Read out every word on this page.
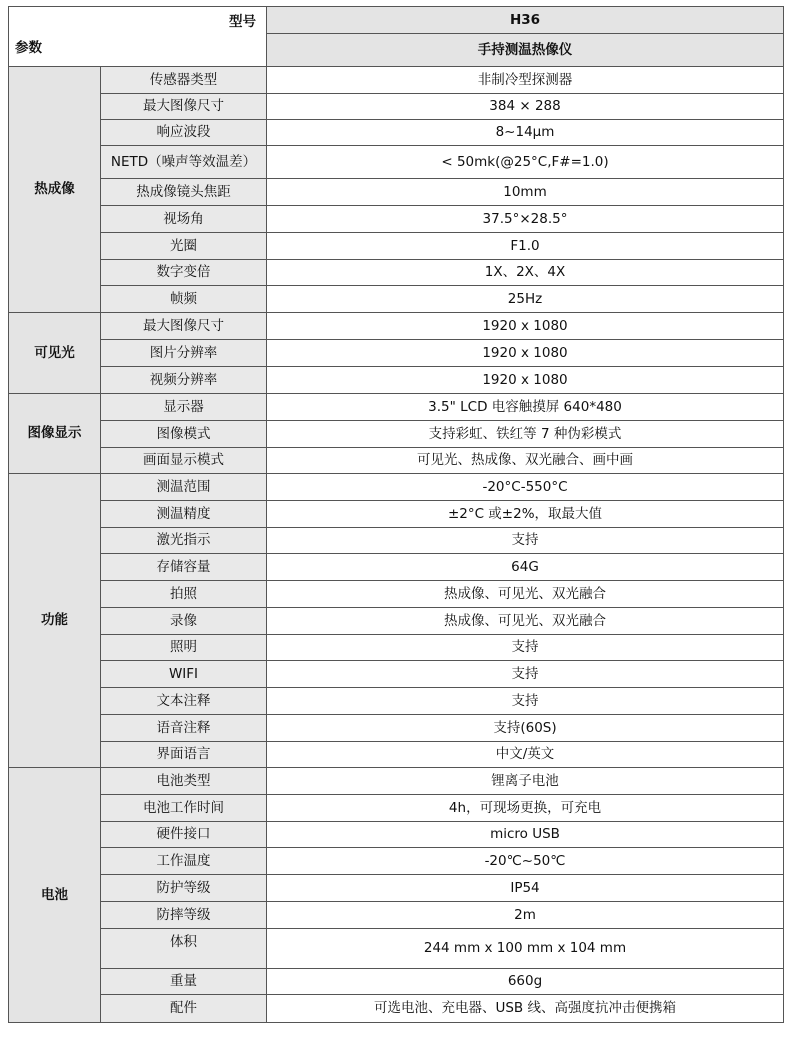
型号
参数		H36
		手持测温热像仪
热成像	传感器类型	非制冷型探测器
	最大图像尺寸	384 × 288
	响应波段	8~14μm
	NETD（噪声等效温差）	< 50mk(@25°C,F#=1.0)
	热成像镜头焦距	10mm
	视场角	37.5°×28.5°
	光圈	F1.0
	数字变倍	1X、2X、4X
	帧频	25Hz
可见光	最大图像尺寸	1920 x 1080
	图片分辨率	1920 x 1080
	视频分辨率	1920 x 1080
图像显示	显示器	3.5" LCD 电容触摸屏 640*480
	图像模式	支持彩虹、铁红等 7 种伪彩模式
	画面显示模式	可见光、热成像、双光融合、画中画
功能	测温范围	-20°C-550°C
	测温精度	±2°C 或±2%，取最大值
	激光指示	支持
	存储容量	64G
	拍照	热成像、可见光、双光融合
	录像	热成像、可见光、双光融合
	照明	支持
	WIFI	支持
	文本注释	支持
	语音注释	支持(60S)
	界面语言	中文/英文
电池	电池类型	锂离子电池
	电池工作时间	4h，可现场更换，可充电
	硬件接口	micro USB
	工作温度	-20℃~50℃
	防护等级	IP54
	防摔等级	2m
	体积	244 mm x 100 mm x 104 mm
	重量	660g
	配件	可选电池、充电器、USB 线、高强度抗冲击便携箱
